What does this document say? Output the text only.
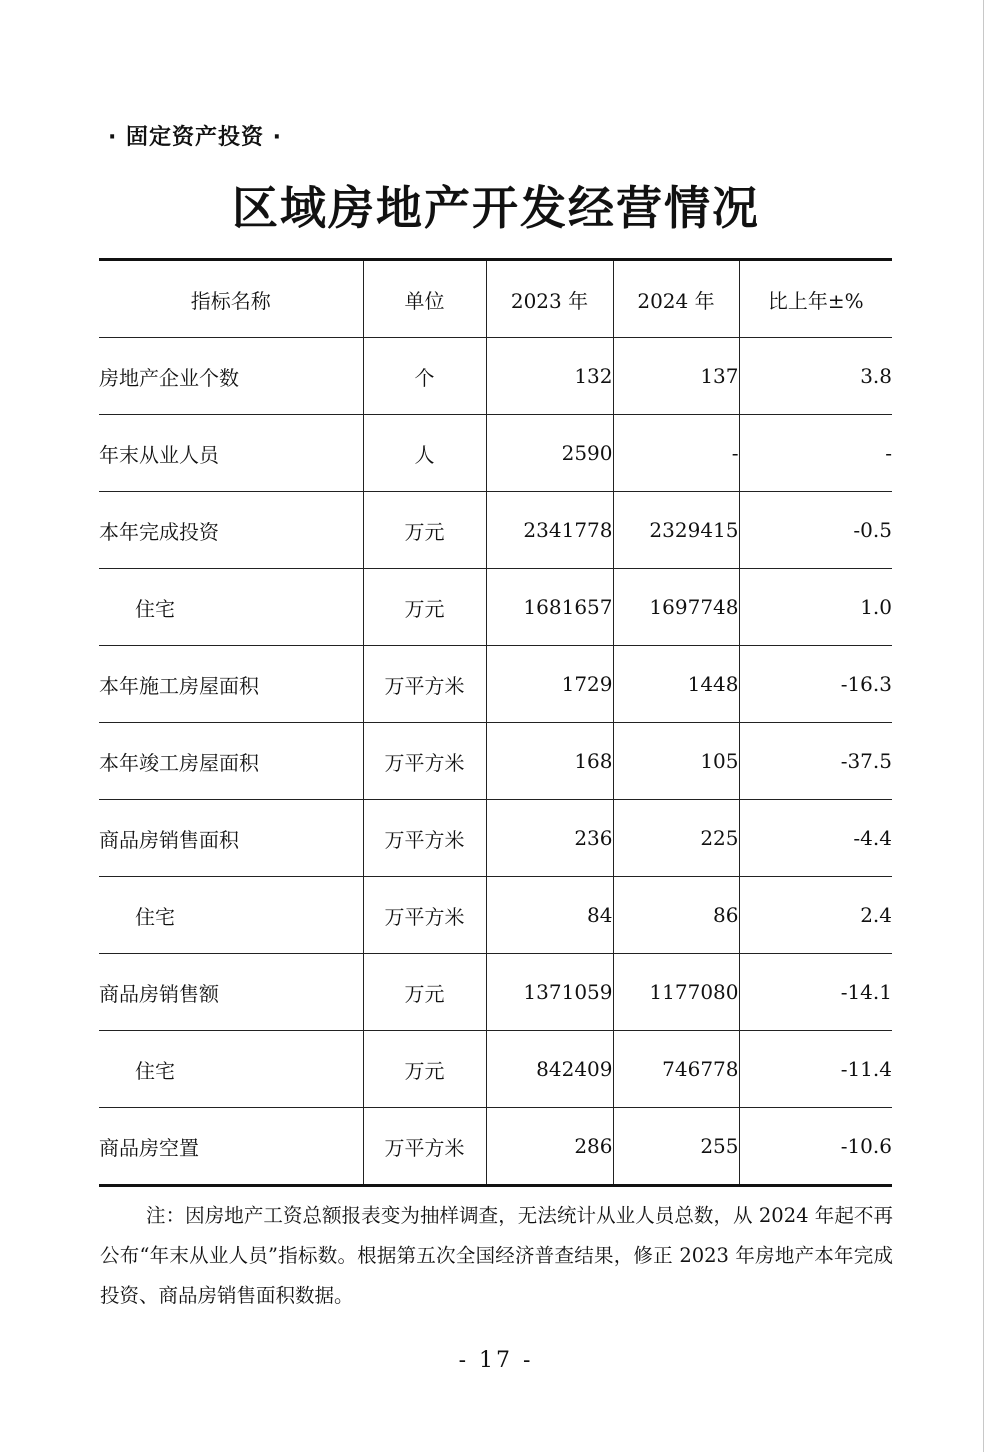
· 固定资产投资 ·
区域房地产开发经营情况
指标名称	单位	2023 年	2024 年	比上年±%
房地产企业个数	个	132	137	3.8
年末从业人员	人	2590	-	-
本年完成投资	万元	2341778	2329415	-0.5
住宅	万元	1681657	1697748	1.0
本年施工房屋面积	万平方米	1729	1448	-16.3
本年竣工房屋面积	万平方米	168	105	-37.5
商品房销售面积	万平方米	236	225	-4.4
住宅	万平方米	84	86	2.4
商品房销售额	万元	1371059	1177080	-14.1
住宅	万元	842409	746778	-11.4
商品房空置	万平方米	286	255	-10.6
注：因房地产工资总额报表变为抽样调查，无法统计从业人员总数，从 2024 年起不再公布“年末从业人员”指标数。根据第五次全国经济普查结果，修正 2023 年房地产本年完成投资、商品房销售面积数据。
- 17 -
